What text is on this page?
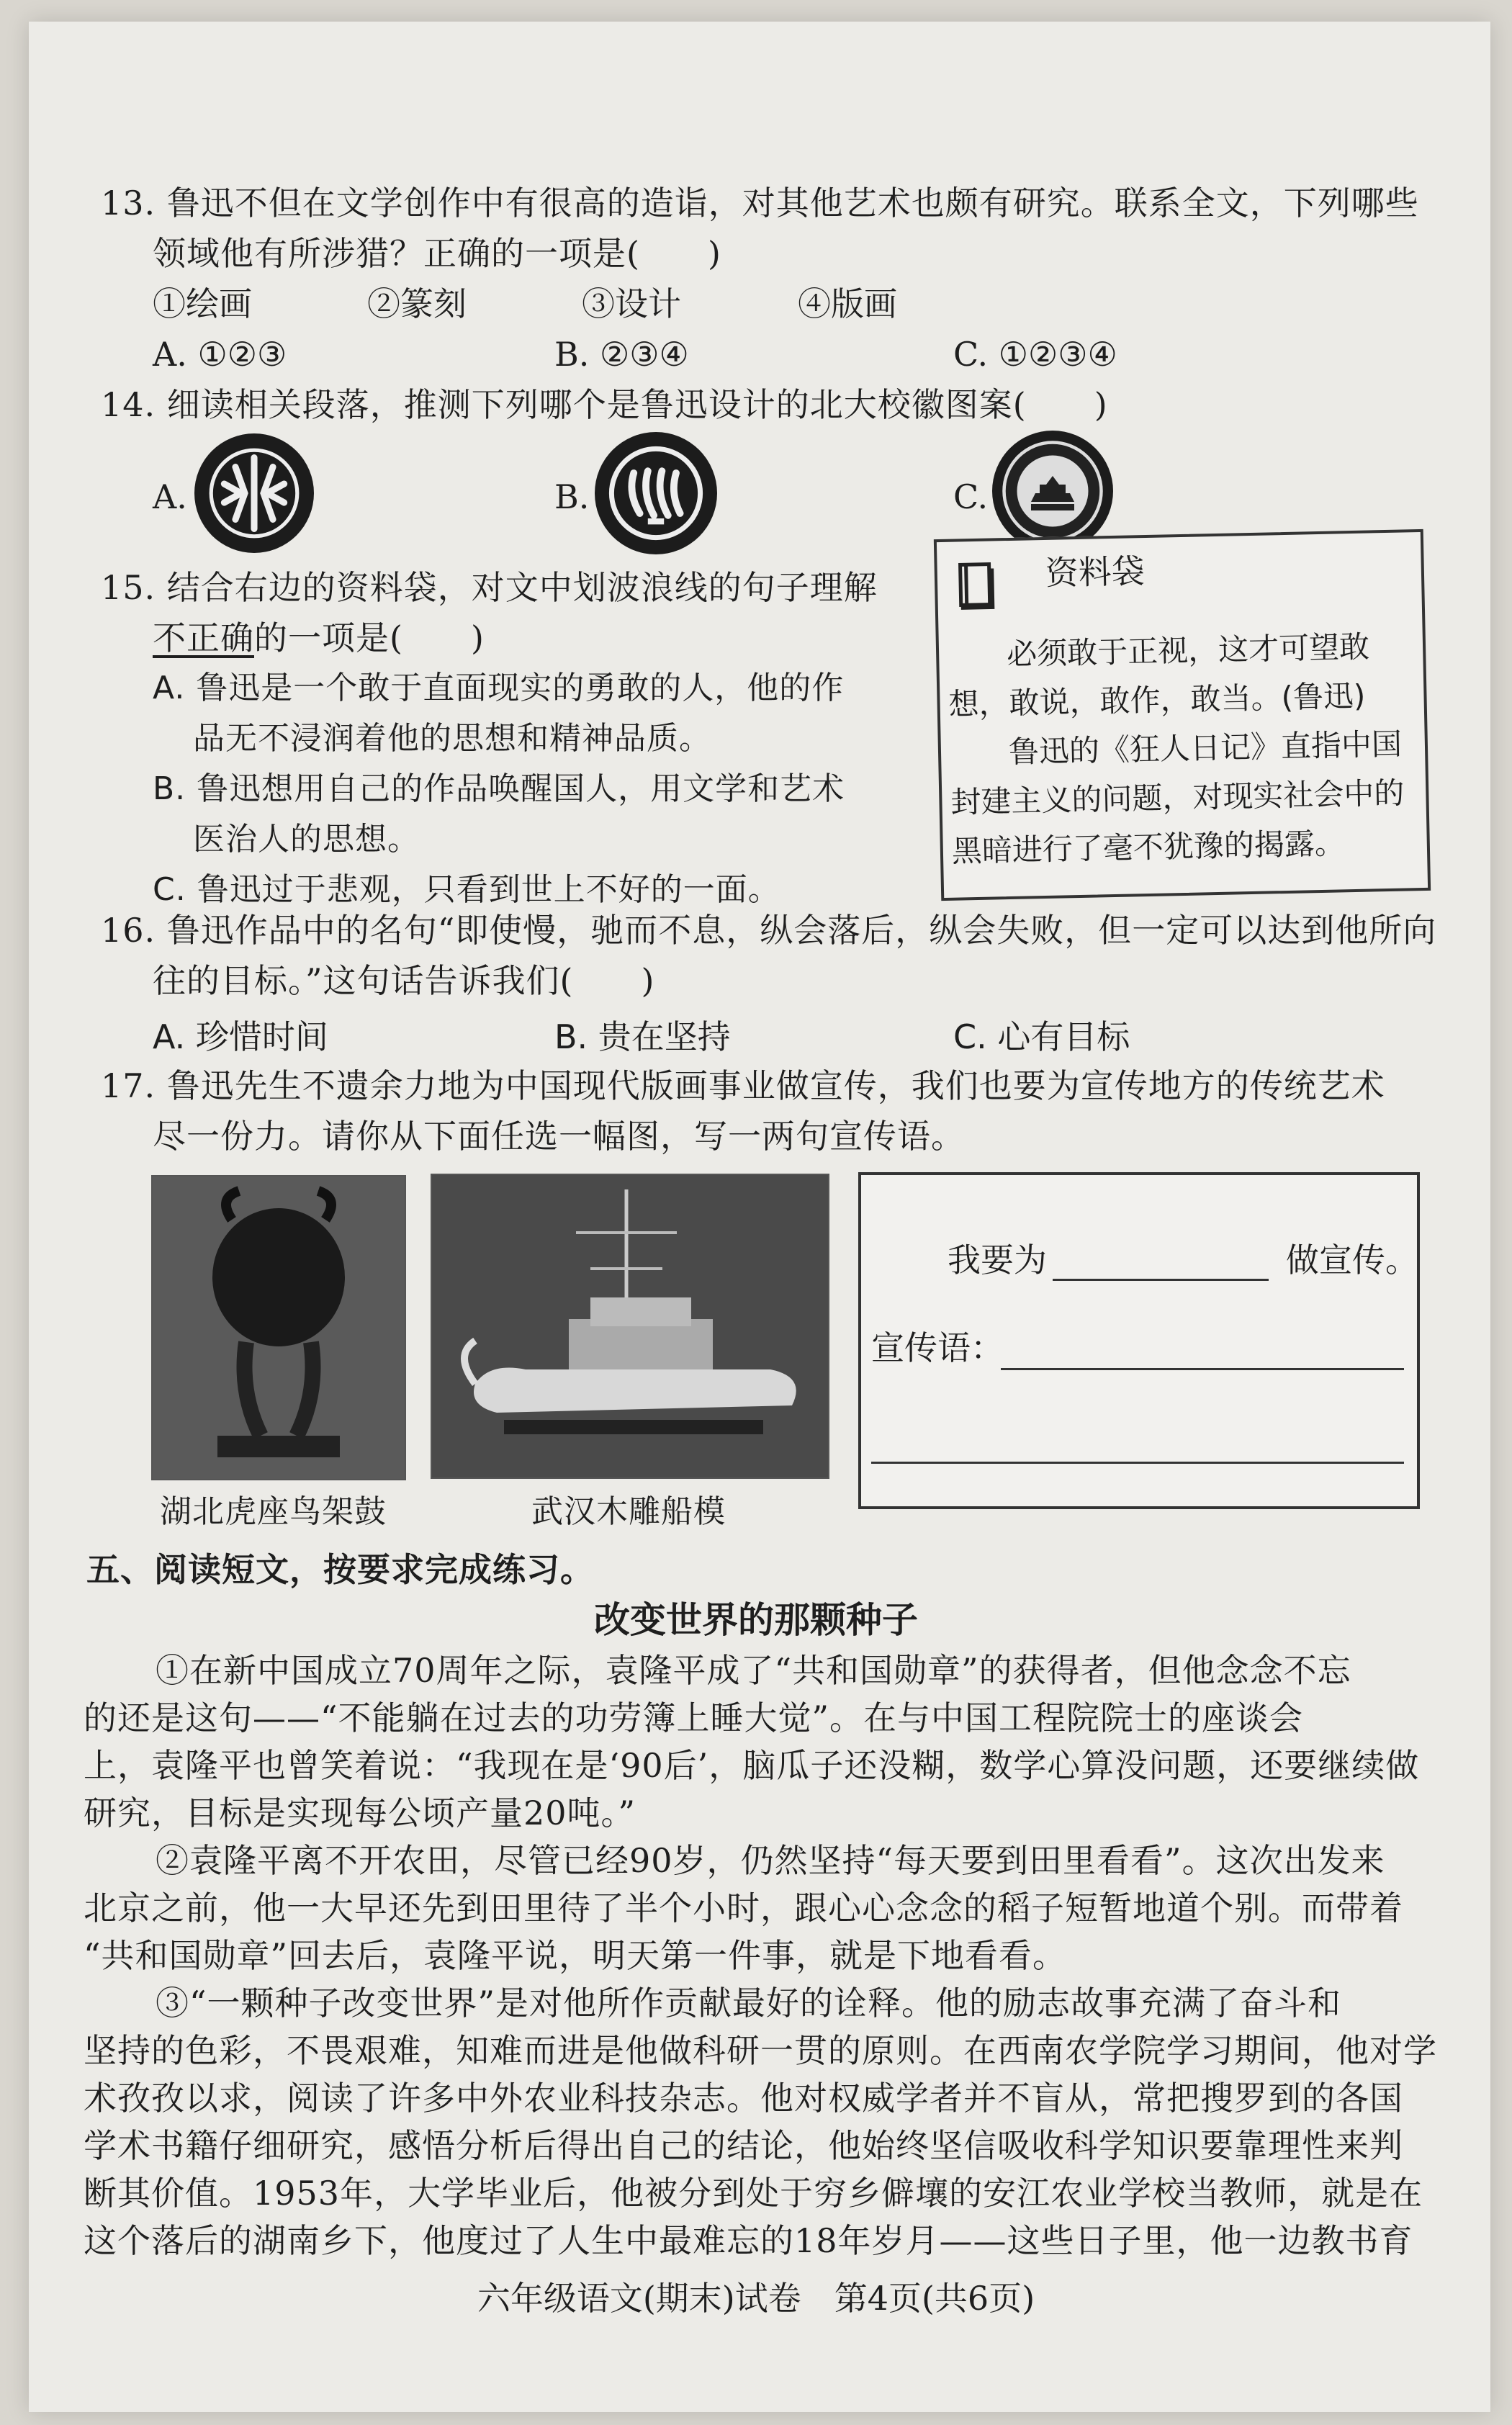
13. 鲁迅不但在文学创作中有很高的造诣，对其他艺术也颇有研究。联系全文，下列哪些
领域他有所涉猎？正确的一项是(　　)
①绘画	②篆刻	③设计	④版画
A. ①②③	B. ②③④	C. ①②③④
14. 细读相关段落，推测下列哪个是鲁迅设计的北大校徽图案(　　)
A.	B.	C.
15. 结合右边的资料袋，对文中划波浪线的句子理解
不正确的一项是(　　)
A. 鲁迅是一个敢于直面现实的勇敢的人，他的作
品无不浸润着他的思想和精神品质。
B. 鲁迅想用自己的作品唤醒国人，用文学和艺术
医治人的思想。
C. 鲁迅过于悲观，只看到世上不好的一面。
资料袋
必须敢于正视，这才可望敢
想，敢说，敢作，敢当。(鲁迅)
鲁迅的《狂人日记》直指中国
封建主义的问题，对现实社会中的
黑暗进行了毫不犹豫的揭露。
16. 鲁迅作品中的名句“即使慢，驰而不息，纵会落后，纵会失败，但一定可以达到他所向
往的目标。”这句话告诉我们(　　)
A. 珍惜时间	B. 贵在坚持	C. 心有目标
17. 鲁迅先生不遗余力地为中国现代版画事业做宣传，我们也要为宣传地方的传统艺术
尽一份力。请你从下面任选一幅图，写一两句宣传语。
湖北虎座鸟架鼓	武汉木雕船模
我要为	做宣传。
宣传语：

五、阅读短文，按要求完成练习。
改变世界的那颗种子
①在新中国成立70周年之际，袁隆平成了“共和国勋章”的获得者，但他念念不忘
的还是这句——“不能躺在过去的功劳簿上睡大觉”。在与中国工程院院士的座谈会
上，袁隆平也曾笑着说：“我现在是‘90后’，脑瓜子还没糊，数学心算没问题，还要继续做
研究，目标是实现每公顷产量20吨。”
②袁隆平离不开农田，尽管已经90岁，仍然坚持“每天要到田里看看”。这次出发来
北京之前，他一大早还先到田里待了半个小时，跟心心念念的稻子短暂地道个别。而带着
“共和国勋章”回去后，袁隆平说，明天第一件事，就是下地看看。
③“一颗种子改变世界”是对他所作贡献最好的诠释。他的励志故事充满了奋斗和
坚持的色彩，不畏艰难，知难而进是他做科研一贯的原则。在西南农学院学习期间，他对学
术孜孜以求，阅读了许多中外农业科技杂志。他对权威学者并不盲从，常把搜罗到的各国
学术书籍仔细研究，感悟分析后得出自己的结论，他始终坚信吸收科学知识要靠理性来判
断其价值。1953年，大学毕业后，他被分到处于穷乡僻壤的安江农业学校当教师，就是在
这个落后的湖南乡下，他度过了人生中最难忘的18年岁月——这些日子里，他一边教书育
六年级语文(期末)试卷　第4页(共6页)
